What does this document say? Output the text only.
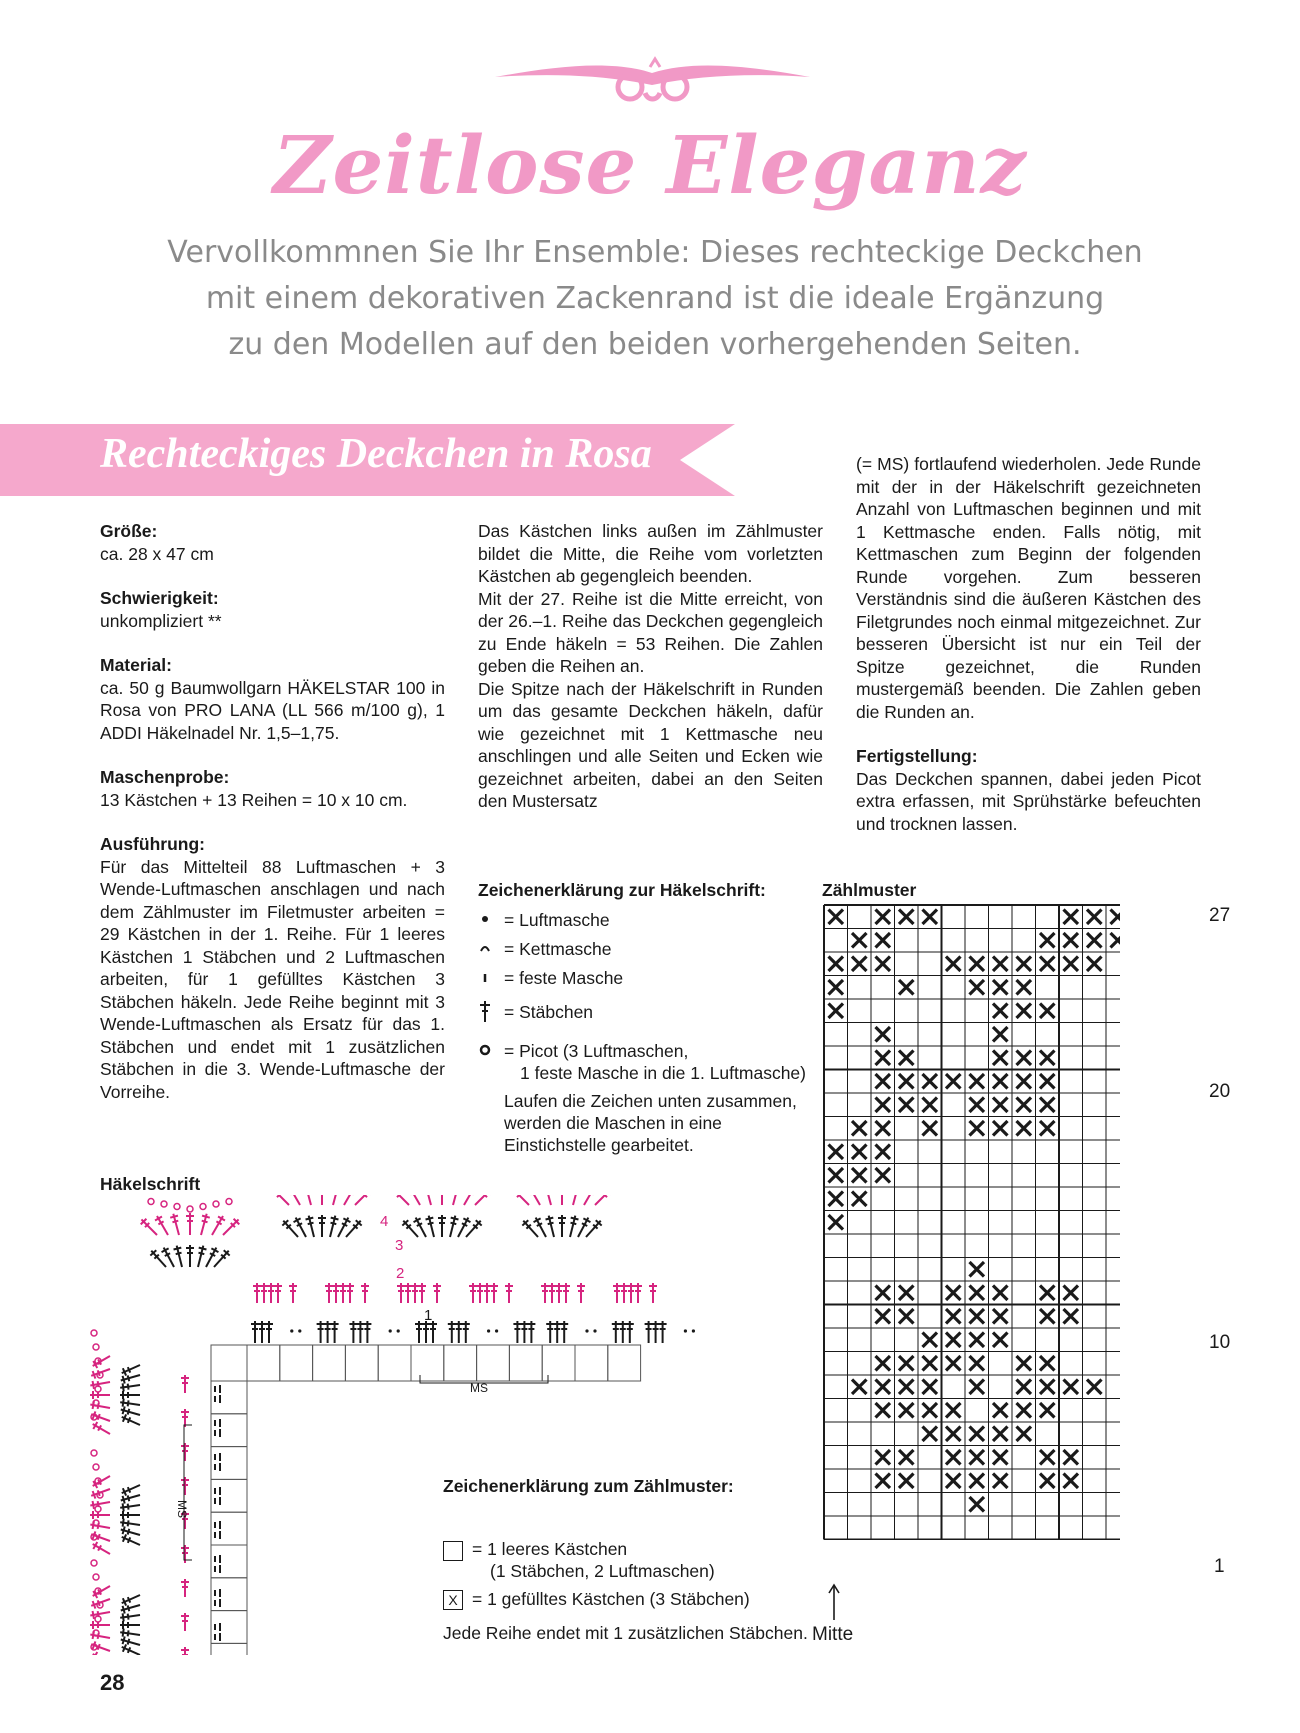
Zeitlose Eleganz
Vervollkommnen Sie Ihr Ensemble: Dieses rechteckige Deckchen
mit einem dekorativen Zackenrand ist die ideale Ergänzung
zu den Modellen auf den beiden vorhergehenden Seiten.
Rechteckiges Deckchen in Rosa

Größe:
ca. 28 x 47 cm

Schwierigkeit:
unkompliziert **

Material:

ca. 50 g Baumwollgarn HÄKELSTAR 100 in Rosa von PRO LANA (LL 566 m/100 g), 1 ADDI Häkelnadel Nr. 1,5–1,75.

Maschenprobe:
13 Kästchen + 13 Reihen = 10 x 10 cm.

Ausführung:

Für das Mittelteil 88 Luftmaschen + 3 Wende-Luftmaschen anschlagen und nach dem Zählmuster im Filetmuster arbeiten = 29 Kästchen in der 1. Reihe. Für 1 leeres Kästchen 1 Stäbchen und 2 Luftmaschen arbeiten, für 1 gefülltes Kästchen 3 Stäbchen häkeln. Jede Reihe beginnt mit 3 Wende-Luftmaschen als Ersatz für das 1. Stäbchen und endet mit 1 zusätzlichen Stäbchen in die 3. Wende-Luftmasche der Vorreihe.

Das Kästchen links außen im Zählmuster bildet die Mitte, die Reihe vom vorletzten Kästchen ab gegengleich beenden.
Mit der 27. Reihe ist die Mitte erreicht, von der 26.–1. Reihe das Deckchen gegengleich zu Ende häkeln = 53 Reihen. Die Zahlen geben die Reihen an.
Die Spitze nach der Häkelschrift in Runden um das gesamte Deckchen häkeln, dafür wie gezeichnet mit 1 Kettmasche neu anschlingen und alle Seiten und Ecken wie gezeichnet arbeiten, dabei an den Seiten den Mustersatz

(= MS) fortlaufend wiederholen. Jede Runde mit der in der Häkelschrift gezeichneten Anzahl von Luftmaschen beginnen und mit 1 Kettmasche enden. Falls nötig, mit Kettmaschen zum Beginn der folgenden Runde vorgehen. Zum besseren Verständnis sind die äußeren Kästchen des Filetgrundes noch einmal mitgezeichnet. Zur besseren Übersicht ist nur ein Teil der Spitze gezeichnet, die Runden mustergemäß beenden. Die Zahlen geben die Runden an.

Fertigstellung:
Das Deckchen spannen, dabei jeden Picot extra erfassen, mit Sprühstärke befeuchten und trocknen lassen.

Zeichenerklärung zur Häkelschrift:
= Luftmasche
= Kettmasche
= feste Masche
= Stäbchen
= Picot (3 Luftmaschen,
1 feste Masche in die 1. Luftmasche)
Laufen die Zeichen unten zusammen,
werden die Maschen in eine
Einstichstelle gearbeitet.
Häkelschrift
1
2
3
4
MS
MS
Zeichenerklärung zum Zählmuster:
= 1 leeres Kästchen
(1 Stäbchen, 2 Luftmaschen)
X = 1 gefülltes Kästchen (3 Stäbchen)
Jede Reihe endet mit 1 zusätzlichen Stäbchen.
Zählmuster
27
20
10
1
Mitte
28
